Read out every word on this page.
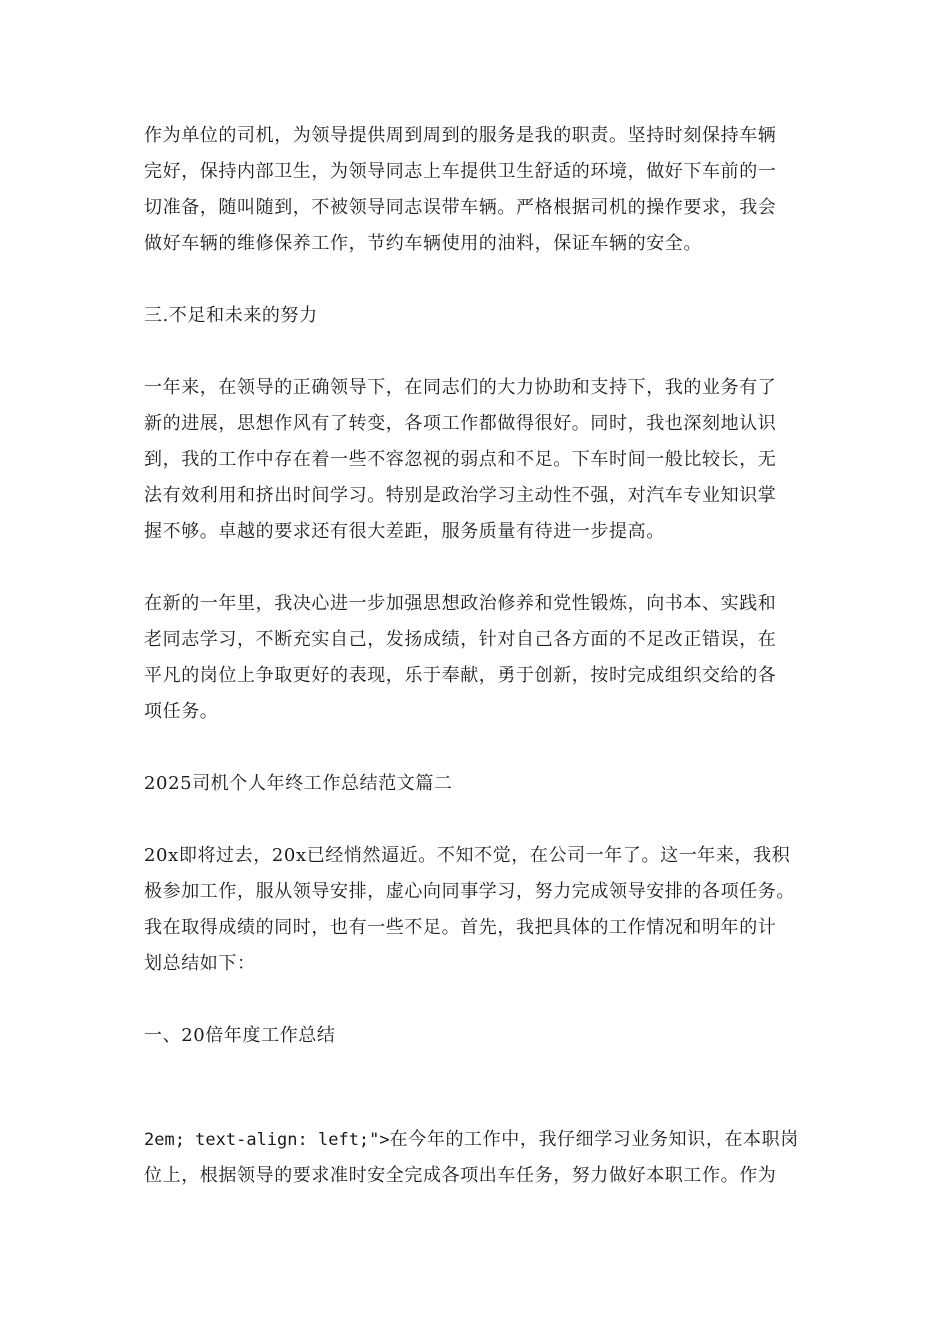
作为单位的司机，为领导提供周到周到的服务是我的职责。坚持时刻保持车辆

完好，保持内部卫生，为领导同志上车提供卫生舒适的环境，做好下车前的一

切准备，随叫随到，不被领导同志误带车辆。严格根据司机的操作要求，我会

做好车辆的维修保养工作，节约车辆使用的油料，保证车辆的安全。

三.不足和未来的努力

一年来，在领导的正确领导下，在同志们的大力协助和支持下，我的业务有了

新的进展，思想作风有了转变，各项工作都做得很好。同时，我也深刻地认识

到，我的工作中存在着一些不容忽视的弱点和不足。下车时间一般比较长，无

法有效利用和挤出时间学习。特别是政治学习主动性不强，对汽车专业知识掌

握不够。卓越的要求还有很大差距，服务质量有待进一步提高。

在新的一年里，我决心进一步加强思想政治修养和党性锻炼，向书本、实践和

老同志学习，不断充实自己，发扬成绩，针对自己各方面的不足改正错误，在

平凡的岗位上争取更好的表现，乐于奉献，勇于创新，按时完成组织交给的各

项任务。

2025司机个人年终工作总结范文篇二

20x即将过去，20x已经悄然逼近。不知不觉，在公司一年了。这一年来，我积

极参加工作，服从领导安排，虚心向同事学习，努力完成领导安排的各项任务。

我在取得成绩的同时，也有一些不足。首先，我把具体的工作情况和明年的计

划总结如下：

一、20倍年度工作总结

2em; text-align: left;">在今年的工作中，我仔细学习业务知识，在本职岗

位上，根据领导的要求准时安全完成各项出车任务，努力做好本职工作。作为
